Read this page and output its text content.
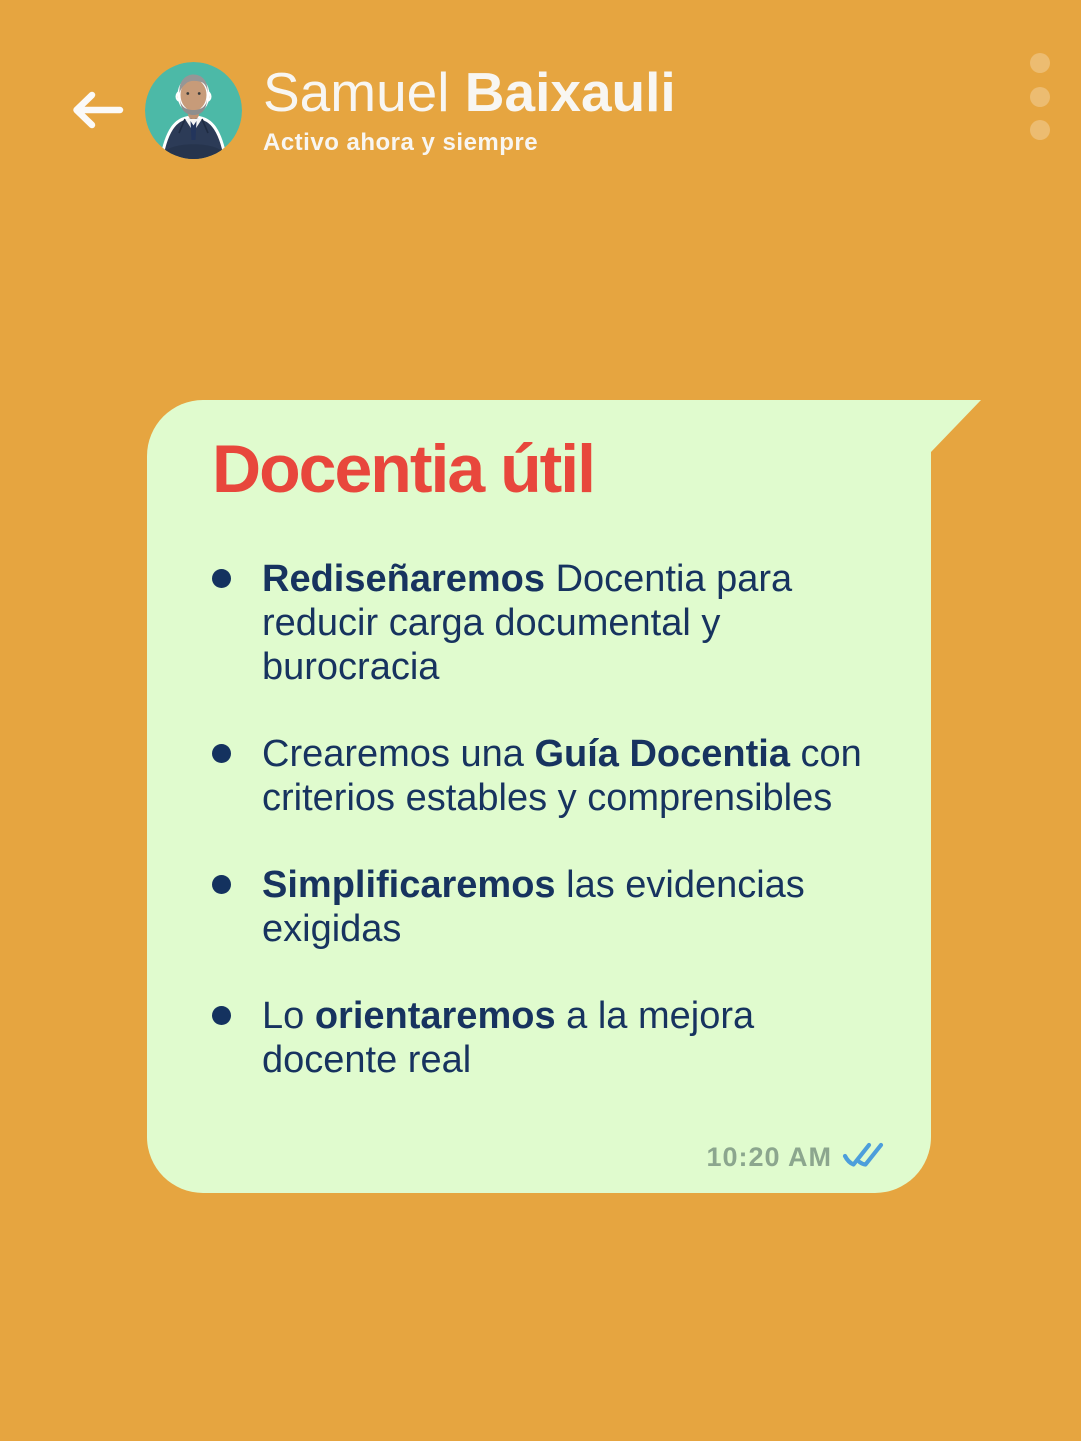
Samuel Baixauli
Activo ahora y siempre
Docentia útil

Rediseñaremos Docentia para reducir carga documental y burocracia

Crearemos una Guía Docentia con criterios estables y comprensibles

Simplificaremos las evidencias exigidas

Lo orientaremos a la mejora docente real

10:20 AM
